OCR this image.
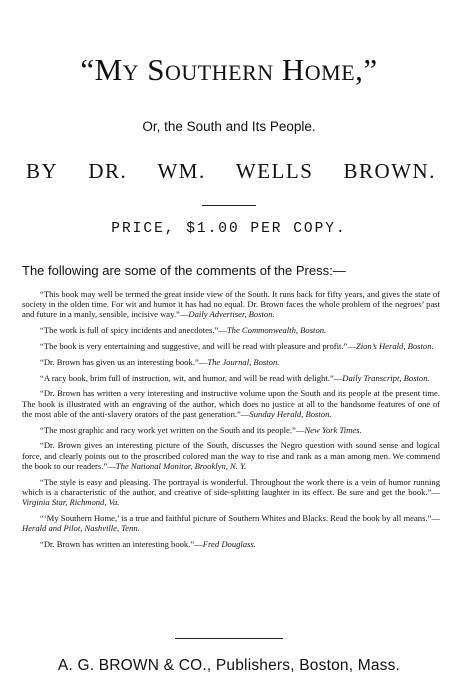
“My Southern Home,”
Or, the South and Its People.
BY DR. WM. WELLS BROWN.
PRICE, $1.00 PER COPY.
The following are some of the comments of the Press:—

“This book may well be termed the great inside view of the South. It runs back for fifty years, and gives the state of society in the olden time. For wit and humor it has had no equal. Dr. Brown faces the whole problem of the negroes’ past and future in a manly, sensible, incisive way.”—Daily Advertiser, Boston.

“The work is full of spicy incidents and anecdotes.”—The Commonwealth, Boston.

“The book is very entertaining and suggestive, and will be read with pleasure and profit.”—Zion’s Herald, Boston.

“Dr. Brown has given us an interesting book.”—The Journal, Boston.

“A racy book, brim full of instruction, wit, and humor, and will be read with delight.”—Daily Transcript, Boston.

“Dr. Brown has written a very interesting and instructive volume upon the South and its people at the present time. The book is illustrated with an engraving of the author, which does no justice at all to the handsome features of one of the most able of the anti-slavery orators of the past generation.”—Sunday Herald, Boston.

“The most graphic and racy work yet written on the South and its people.”—New York Times.

“Dr. Brown gives an interesting picture of the South, discusses the Negro question with sound sense and logical force, and clearly points out to the proscribed colored man the way to rise and rank as a man among men. We commend the book to our readers.”—The National Monitor, Brooklyn, N. Y.

“The style is easy and pleasing. The portrayal is wonderful. Throughout the work there is a vein of humor running which is a characteristic of the author, and creative of side-splitting laughter in its effect. Be sure and get the book.”—Virginia Star, Richmond, Va.

“‘My Southern Home,’ is a true and faithful picture of Southern Whites and Blacks. Read the book by all means.”—Herald and Pilot, Nashville, Tenn.

“Dr. Brown has written an interesting book.”—Fred Douglass.

A. G. BROWN & CO., Publishers, Boston, Mass.
